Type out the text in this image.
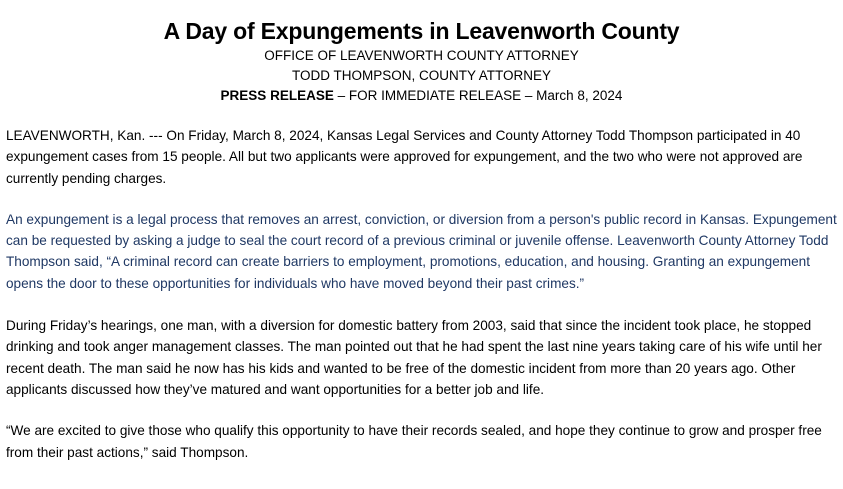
A Day of Expungements in Leavenworth County
OFFICE OF LEAVENWORTH COUNTY ATTORNEY
TODD THOMPSON, COUNTY ATTORNEY
PRESS RELEASE – FOR IMMEDIATE RELEASE – March 8, 2024

LEAVENWORTH, Kan. --- On Friday, March 8, 2024, Kansas Legal Services and County Attorney Todd Thompson participated in 40 expungement cases from 15 people. All but two applicants were approved for expungement, and the two who were not approved are currently pending charges.

An expungement is a legal process that removes an arrest, conviction, or diversion from a person's public record in Kansas. Expungement can be requested by asking a judge to seal the court record of a previous criminal or juvenile offense. Leavenworth County Attorney Todd Thompson said, “A criminal record can create barriers to employment, promotions, education, and housing. Granting an expungement opens the door to these opportunities for individuals who have moved beyond their past crimes.”

During Friday’s hearings, one man, with a diversion for domestic battery from 2003, said that since the incident took place, he stopped drinking and took anger management classes. The man pointed out that he had spent the last nine years taking care of his wife until her recent death. The man said he now has his kids and wanted to be free of the domestic incident from more than 20 years ago. Other applicants discussed how they’ve matured and want opportunities for a better job and life.

“We are excited to give those who qualify this opportunity to have their records sealed, and hope they continue to grow and prosper free from their past actions,” said Thompson.
